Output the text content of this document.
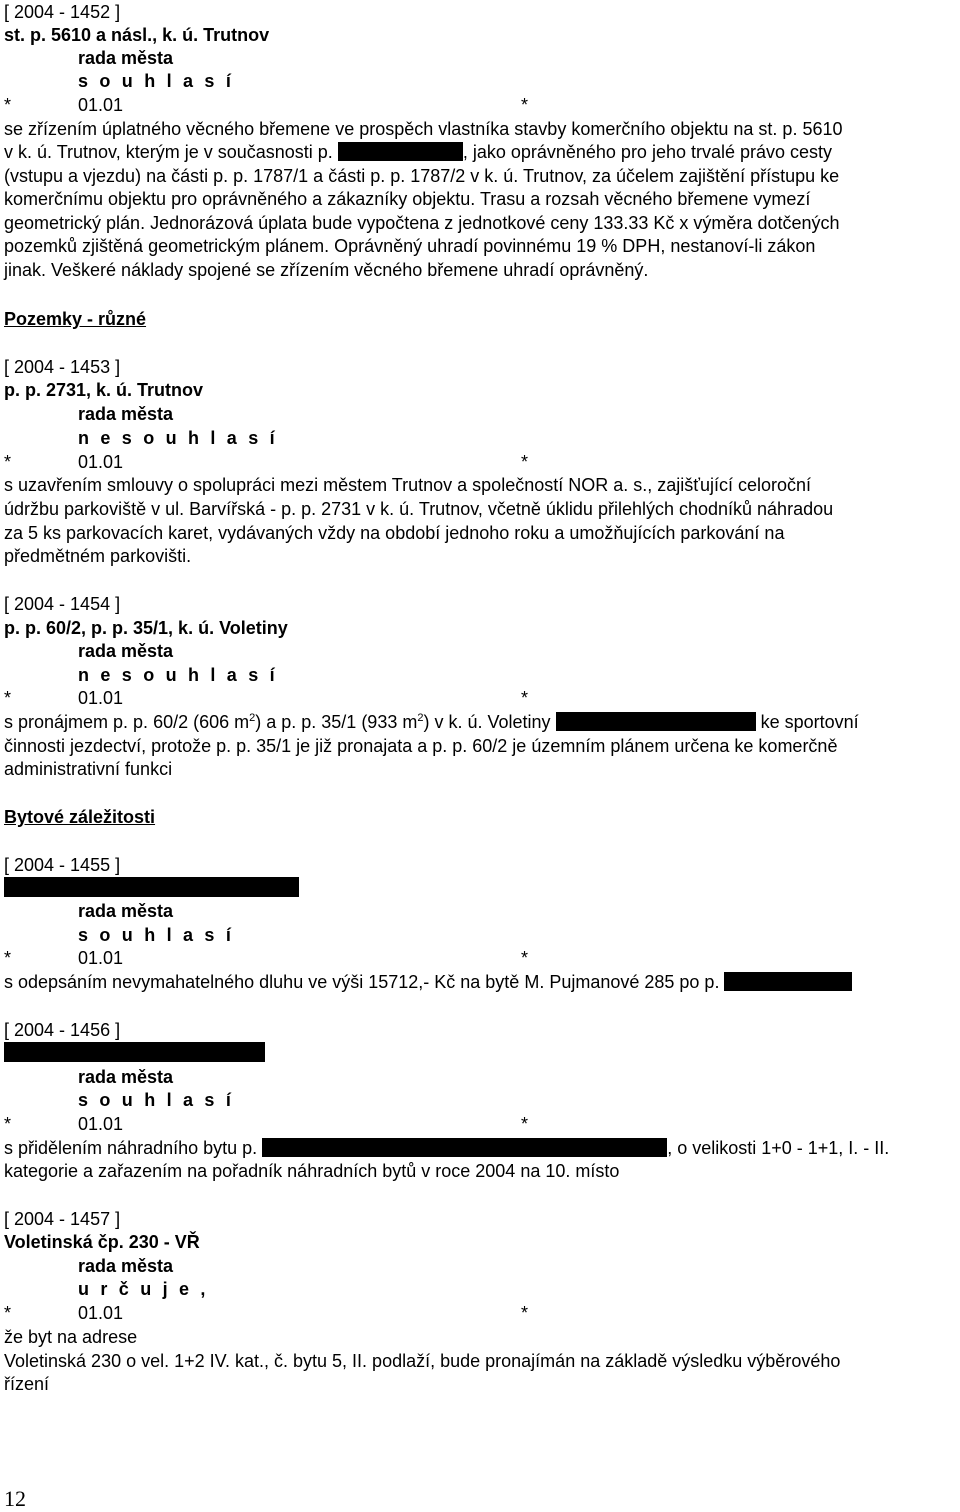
[ 2004 - 1452 ]
st. p. 5610 a násl., k. ú. Trutnov
rada města
s o u h l a s í
*	01.01	*
se zřízením úplatného věcného břemene ve prospěch vlastníka stavby komerčního objektu na st. p. 5610
v k. ú. Trutnov, kterým je v současnosti p.	, jako oprávněného pro jeho trvalé právo cesty
(vstupu a vjezdu) na části p. p. 1787/1 a části p. p. 1787/2 v k. ú. Trutnov, za účelem zajištění přístupu ke
komerčnímu objektu pro oprávněného a zákazníky objektu. Trasu a rozsah věcného břemene vymezí
geometrický plán. Jednorázová úplata bude vypočtena z jednotkové ceny 133.33 Kč x výměra dotčených
pozemků zjištěná geometrickým plánem. Oprávněný uhradí povinnému 19 % DPH, nestanoví-li zákon
jinak. Veškeré náklady spojené se zřízením věcného břemene uhradí oprávněný.
Pozemky - různé
[ 2004 - 1453 ]
p. p. 2731, k. ú. Trutnov
rada města
n e s o u h l a s í
*	01.01	*
s uzavřením smlouvy o spolupráci mezi městem Trutnov a společností NOR a. s., zajišťující celoroční
údržbu parkoviště v ul. Barvířská - p. p. 2731 v k. ú. Trutnov, včetně úklidu přilehlých chodníků náhradou
za 5 ks parkovacích karet, vydávaných vždy na období jednoho roku a umožňujících parkování na
předmětném parkovišti.
[ 2004 - 1454 ]
p. p. 60/2, p. p. 35/1, k. ú. Voletiny
rada města
n e s o u h l a s í
*	01.01	*
s pronájmem p. p. 60/2 (606 $m^2$) a p. p. 35/1 (933 $m^2$) v k. ú. Voletiny	ke sportovní
činnosti jezdectví, protože p. p. 35/1 je již pronajata a p. p. 60/2 je územním plánem určena ke komerčně
administrativní funkci
Bytové záležitosti
[ 2004 - 1455 ]
rada města
s o u h l a s í
*	01.01	*
s odepsáním nevymahatelného dluhu ve výši 15712,- Kč na bytě M. Pujmanové 285 po p.
[ 2004 - 1456 ]
rada města
s o u h l a s í
*	01.01	*
s přidělením náhradního bytu p.	, o velikosti 1+0 - 1+1, I. - II.
kategorie a zařazením na pořadník náhradních bytů v roce 2004 na 10. místo
[ 2004 - 1457 ]
Voletinská čp. 230 - VŘ
rada města
u r č u j e ,
*	01.01	*
že byt na adrese
Voletinská 230 o vel. 1+2 IV. kat., č. bytu 5, II. podlaží, bude pronajímán na základě výsledku výběrového
řízení
12
